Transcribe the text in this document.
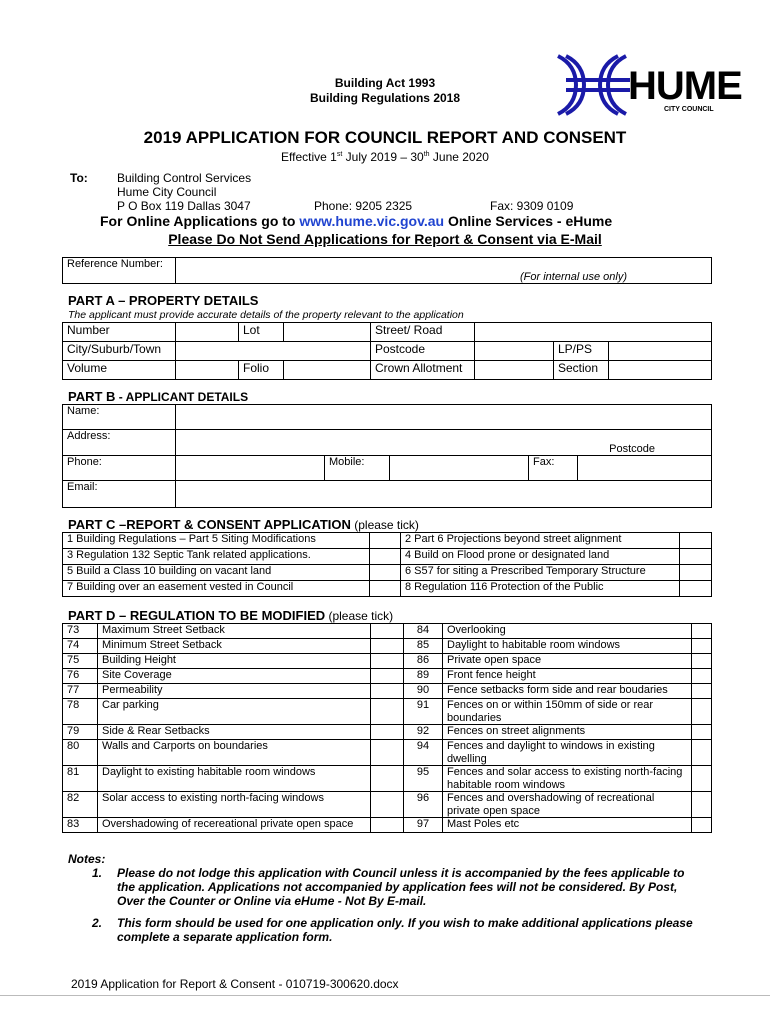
Building Act 1993
Building Regulations 2018	HUME
CITY COUNCIL
2019 APPLICATION FOR COUNCIL REPORT AND CONSENT
Effective 1st July 2019 – 30th June 2020
To: Building Control Services
Hume City Council
P O Box 119 Dallas 3047	Phone: 9205 2325	Fax: 9309 0109
For Online Applications go to www.hume.vic.gov.au Online Services - eHume
Please Do Not Send Applications for Report & Consent via E-Mail
Reference Number:	
(For internal use only)
PART A – PROPERTY DETAILS
The applicant must provide accurate details of the property relevant to the application
Number		Lot		Street/ Road			
City/Suburb/Town				Postcode		LP/PS	
Volume		Folio		Crown Allotment		Section	
PART B - APPLICANT DETAILS
Name:					
Address:	Postcode				

Phone:		Mobile:		Fax:	
Email:					
PART C –REPORT & CONSENT APPLICATION (please tick)
1 Building Regulations – Part 5 Siting Modifications		2 Part 6 Projections beyond street alignment	
3 Regulation 132 Septic Tank related applications.		4 Build on Flood prone or designated land	
5 Build a Class 10 building on vacant land		6 S57 for siting a Prescribed Temporary Structure	
7 Building over an easement vested in Council		8 Regulation 116 Protection of the Public	
PART D – REGULATION TO BE MODIFIED (please tick)
73	Maximum Street Setback		84	Overlooking	
74	Minimum Street Setback		85	Daylight to habitable room windows	
75	Building Height		86	Private open space	
76	Site Coverage		89	Front fence height	
77	Permeability		90	Fence setbacks form side and rear boudaries	
78	Car parking		91	Fences on or within 150mm of side or rear boundaries	
79	Side & Rear Setbacks		92	Fences on street alignments	
80	Walls and Carports on boundaries		94	Fences and daylight to windows in existing dwelling	
81	Daylight to existing habitable room windows		95	Fences and solar access to existing north-facing habitable room windows	
82	Solar access to existing north-facing windows		96	Fences and overshadowing of recreational private open space	
83	Overshadowing of recereational private open space		97	Mast Poles etc	
Notes:
1. Please do not lodge this application with Council unless it is accompanied by the fees applicable to the application. Applications not accompanied by application fees will not be considered. By Post, Over the Counter or Online via eHume - Not By E-mail.
2. This form should be used for one application only. If you wish to make additional applications please complete a separate application form.
2019 Application for Report & Consent - 010719-300620.docx
